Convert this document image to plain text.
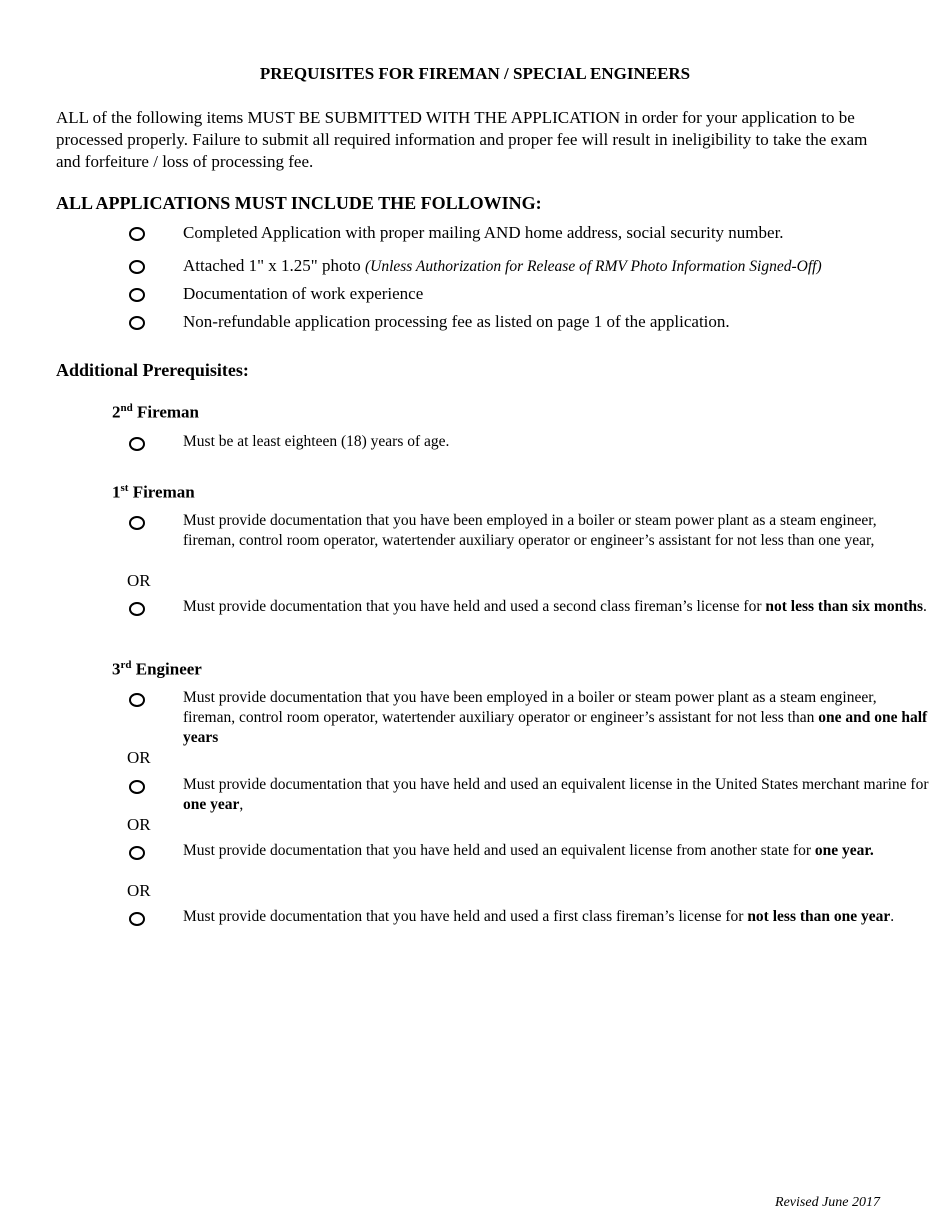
PREQUISITES FOR FIREMAN / SPECIAL ENGINEERS
ALL of the following items MUST BE SUBMITTED WITH THE APPLICATION in order for your application to be processed properly. Failure to submit all required information and proper fee will result in ineligibility to take the exam and forfeiture / loss of processing fee.
ALL APPLICATIONS MUST INCLUDE THE FOLLOWING:
Completed Application with proper mailing AND home address, social security number.
Attached 1" x 1.25" photo (Unless Authorization for Release of RMV Photo Information Signed-Off)
Documentation of work experience
Non-refundable application processing fee as listed on page 1 of the application.
Additional Prerequisites:
2nd Fireman
Must be at least eighteen (18) years of age.
1st Fireman
Must provide documentation that you have been employed in a boiler or steam power plant as a steam engineer, fireman, control room operator, watertender auxiliary operator or engineer’s assistant for not less than one year,
OR
Must provide documentation that you have held and used a second class fireman’s license for not less than six months.
3rd Engineer
Must provide documentation that you have been employed in a boiler or steam power plant as a steam engineer, fireman, control room operator, watertender auxiliary operator or engineer’s assistant for not less than one and one half years
OR
Must provide documentation that you have held and used an equivalent license in the United States merchant marine for one year,
OR
Must provide documentation that you have held and used an equivalent license from another state for one year.
OR
Must provide documentation that you have held and used a first class fireman’s license for not less than one year.
Revised June 2017
